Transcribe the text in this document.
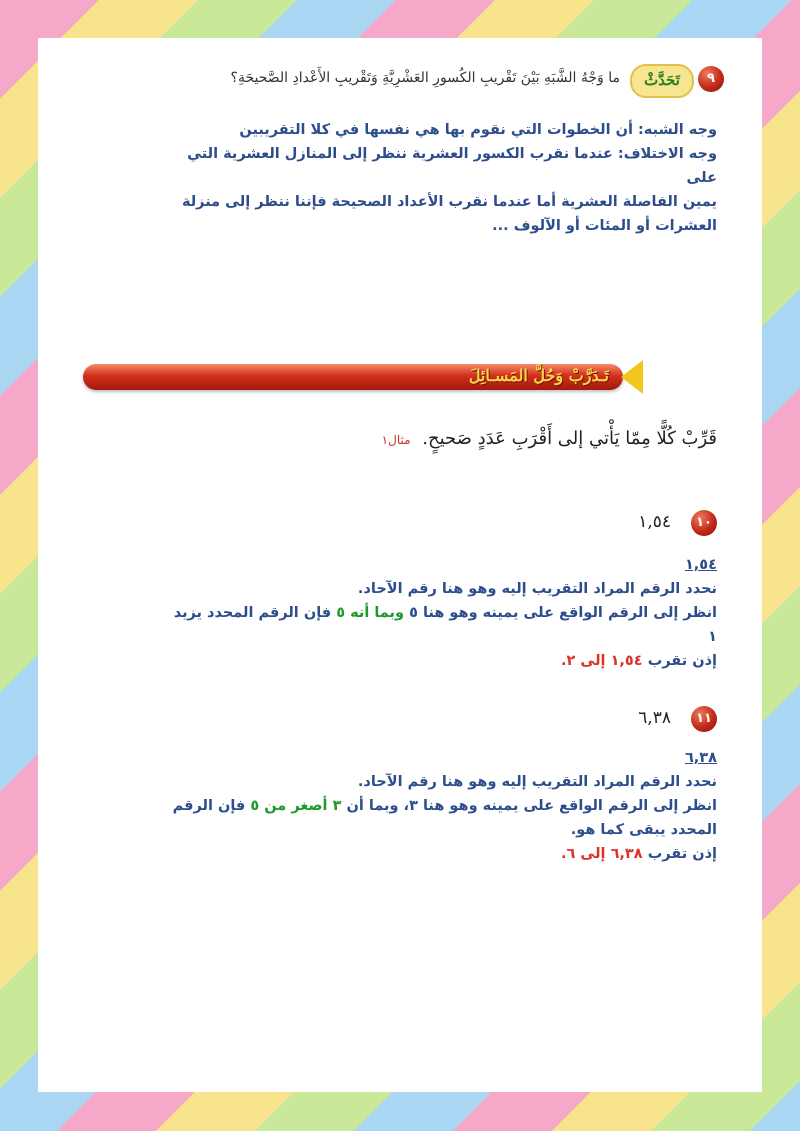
٩
تَحَدَّثْ
ما وَجْهُ الشَّبَهِ بَيْنَ تَقْريبِ الكُسورِ العَشْرِيَّةِ وَتَقْريبِ الأَعْدادِ الصَّحيحَةِ؟

وجه الشبه: أن الخطوات التي نقوم بها هي نفسها في كلا التقريبين

وجه الاختلاف: عندما نقرب الكسور العشرية ننظر إلى المنازل العشرية التي على

يمين الفاصلة العشرية أما عندما نقرب الأعداد الصحيحة فإننا ننظر إلى منزلة

العشرات أو المئات أو الآلوف ...

تَـدَرَّبْ وَحُلَّ المَسـائِلَ
قَرِّبْ كُلًّا مِمّا يَأْتي إلى أَقْرَبِ عَدَدٍ صَحيحٍ. مثال١
١٠
١,٥٤

١,٥٤

نحدد الرقم المراد التقريب إليه وهو هنا رقم الآحاد.

انظر إلى الرقم الواقع على يمينه وهو هنا ٥ وبما أنه ٥ فإن الرقم المحدد يزيد

١

إذن تقرب ١,٥٤ إلى ٢.

١١
٦,٣٨

٦,٣٨

نحدد الرقم المراد التقريب إليه وهو هنا رقم الآحاد.

انظر إلى الرقم الواقع على يمينه وهو هنا ٣، وبما أن ٣ أصغر من ٥ فإن الرقم

المحدد يبقى كما هو.

إذن تقرب ٦,٣٨ إلى ٦.
